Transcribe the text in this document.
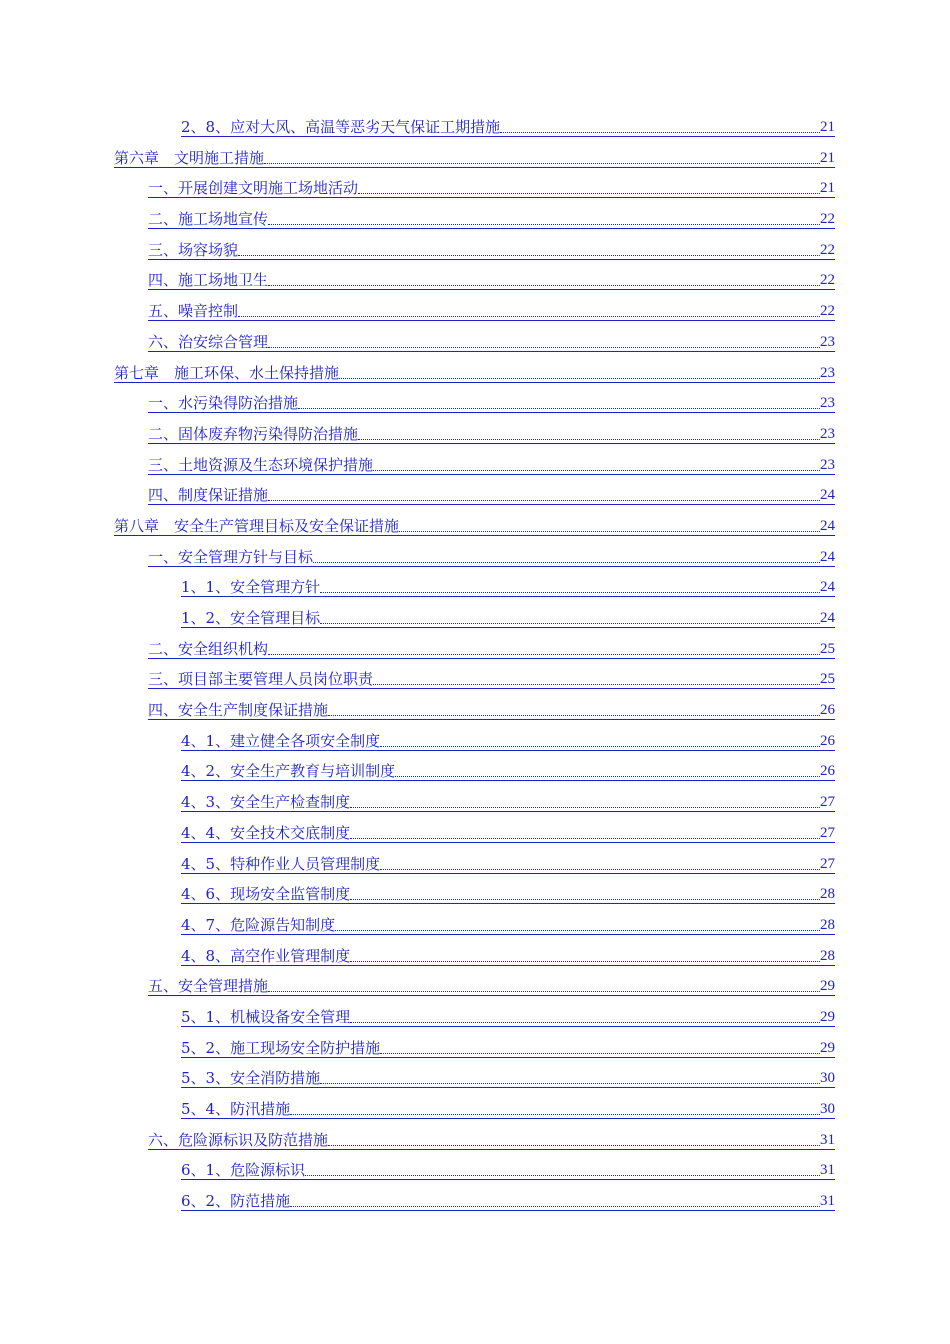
2、8、应对大风、高温等恶劣天气保证工期措施	21
第六章　文明施工措施	21
一、开展创建文明施工场地活动	21
二、施工场地宣传	22
三、场容场貌	22
四、施工场地卫生	22
五、噪音控制	22
六、治安综合管理	23
第七章　施工环保、水土保持措施	23
一、水污染得防治措施	23
二、固体废弃物污染得防治措施	23
三、土地资源及生态环境保护措施	23
四、制度保证措施	24
第八章　安全生产管理目标及安全保证措施	24
一、安全管理方针与目标	24
1、1、安全管理方针	24
1、2、安全管理目标	24
二、安全组织机构	25
三、项目部主要管理人员岗位职责	25
四、安全生产制度保证措施	26
4、1、建立健全各项安全制度	26
4、2、安全生产教育与培训制度	26
4、3、安全生产检查制度	27
4、4、安全技术交底制度	27
4、5、特种作业人员管理制度	27
4、6、现场安全监管制度	28
4、7、危险源告知制度	28
4、8、高空作业管理制度	28
五、安全管理措施	29
5、1、机械设备安全管理	29
5、2、施工现场安全防护措施	29
5、3、安全消防措施	30
5、4、防汛措施	30
六、危险源标识及防范措施	31
6、1、危险源标识	31
6、2、防范措施	31
